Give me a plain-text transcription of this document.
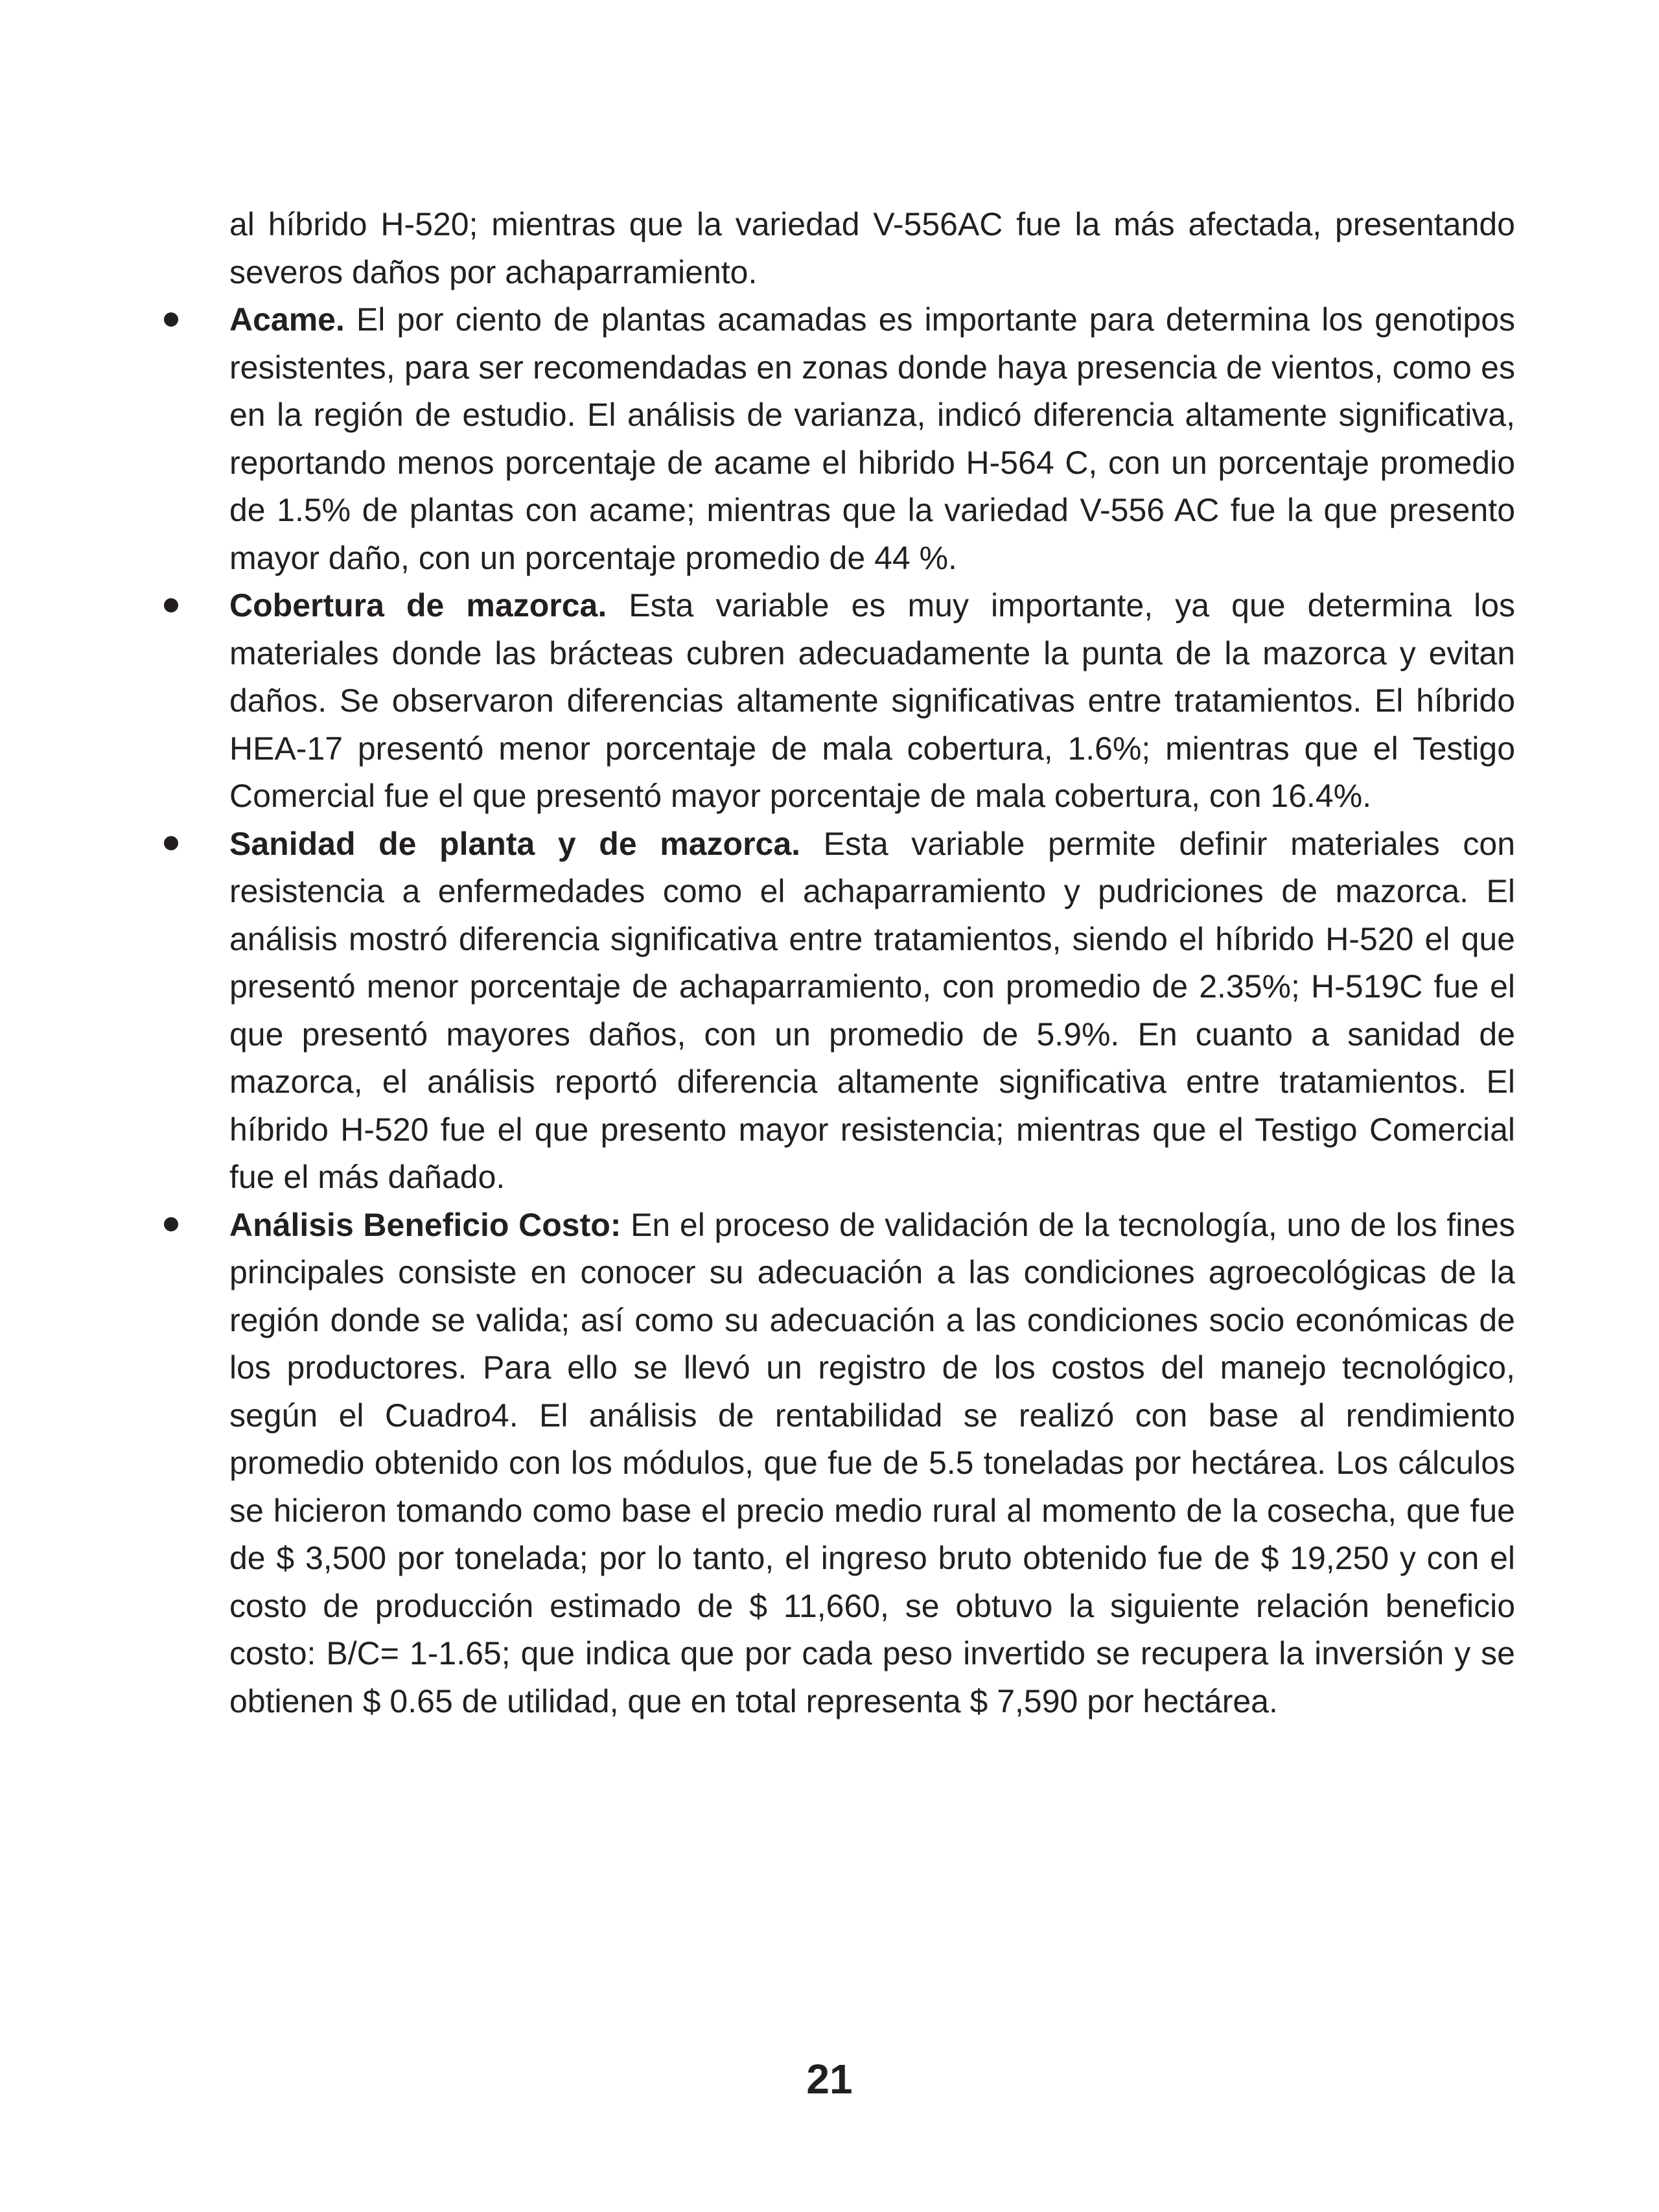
al híbrido H-520; mientras que la variedad V-556AC fue la más afectada, presentando severos daños por achaparramiento.

Acame. El por ciento de plantas acamadas es importante para determina los genotipos resistentes, para ser recomendadas en zonas donde haya presencia de vientos, como es en la región de estudio. El análisis de varianza, indicó diferencia altamente significativa, reportando menos porcentaje de acame el hibrido H-564 C, con un porcentaje promedio de 1.5% de plantas con acame; mientras que la variedad V-556 AC fue la que presento mayor daño, con un porcentaje promedio de 44 %.

Cobertura de mazorca. Esta variable es muy importante, ya que determina los materiales donde las brácteas cubren adecuadamente la punta de la mazorca y evitan daños. Se observaron diferencias altamente significativas entre tratamientos. El híbrido HEA-17 presentó menor porcentaje de mala cobertura, 1.6%; mientras que el Testigo Comercial fue el que presentó mayor porcentaje de mala cobertura, con 16.4%.

Sanidad de planta y de mazorca. Esta variable permite definir materiales con resistencia a enfermedades como el achaparramiento y pudriciones de mazorca. El análisis mostró diferencia significativa entre tratamientos, siendo el híbrido H-520 el que presentó menor porcentaje de achaparramiento, con promedio de 2.35%; H-519C fue el que presentó mayores daños, con un promedio de 5.9%. En cuanto a sanidad de mazorca, el análisis reportó diferencia altamente significativa entre tratamientos. El híbrido H-520 fue el que presento mayor resistencia; mientras que el Testigo Comercial fue el más dañado.

Análisis Beneficio Costo: En el proceso de validación de la tecnología, uno de los fines principales consiste en conocer su adecuación a las condiciones agroecológicas de la región donde se valida; así como su adecuación a las condiciones socio económicas de los productores. Para ello se llevó un registro de los costos del manejo tecnológico, según el Cuadro4. El análisis de rentabilidad se realizó con base al rendimiento promedio obtenido con los módulos, que fue de 5.5 toneladas por hectárea. Los cálculos se hicieron tomando como base el precio medio rural al momento de la cosecha, que fue de $ 3,500 por tonelada; por lo tanto, el ingreso bruto obtenido fue de $ 19,250 y con el costo de producción estimado de $ 11,660, se obtuvo la siguiente relación beneficio costo: B/C= 1-1.65; que indica que por cada peso invertido se recupera la inversión y se obtienen $ 0.65 de utilidad, que en total representa $ 7,590 por hectárea.

21
